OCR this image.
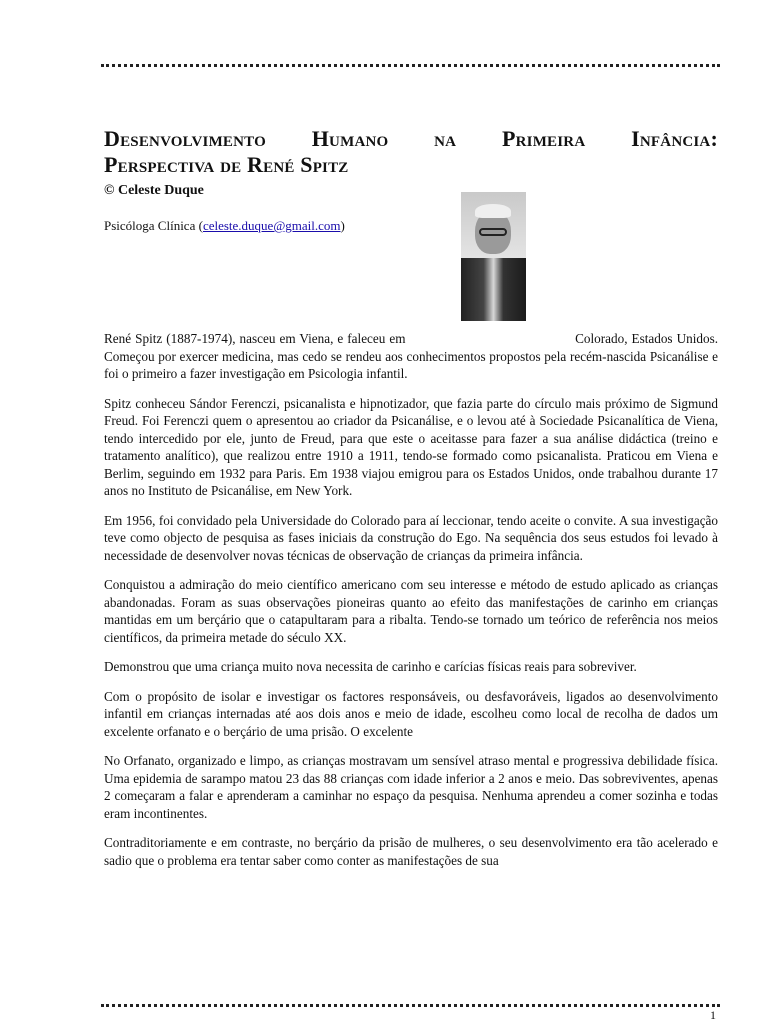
Desenvolvimento Humano na Primeira Infância:
Perspectiva de René Spitz
© Celeste Duque
Psicóloga Clínica (celeste.duque@gmail.com)

René Spitz (1887-1974), nasceu em Viena, e faleceu em                                          Colorado, Estados Unidos. Começou por exercer medicina, mas cedo se rendeu aos conhecimentos propostos pela recém-nascida Psicanálise e foi o primeiro a fazer investigação em Psicologia infantil.

Spitz conheceu Sándor Ferenczi, psicanalista e hipnotizador, que fazia parte do círculo mais próximo de Sigmund Freud. Foi Ferenczi quem o apresentou ao criador da Psicanálise, e o levou até à Sociedade Psicanalítica de Viena, tendo intercedido por ele, junto de Freud, para que este o aceitasse para fazer a sua análise didáctica (treino e tratamento analítico), que realizou entre 1910 a 1911, tendo-se formado como psicanalista. Praticou em Viena e Berlim, seguindo em 1932 para Paris. Em 1938 viajou emigrou para os Estados Unidos, onde trabalhou durante 17 anos no Instituto de Psicanálise, em New York.

Em 1956, foi convidado pela Universidade do Colorado para aí leccionar, tendo aceite o convite. A sua investigação teve como objecto de pesquisa as fases iniciais da construção do Ego. Na sequência dos seus estudos foi levado à necessidade de desenvolver novas técnicas de observação de crianças da primeira infância.

Conquistou a admiração do meio científico americano com seu interesse e método de estudo aplicado as crianças abandonadas. Foram as suas observações pioneiras quanto ao efeito das manifestações de carinho em crianças mantidas em um berçário que o catapultaram para a ribalta. Tendo-se tornado um teórico de referência nos meios científicos, da primeira metade do século XX.

Demonstrou que uma criança muito nova necessita de carinho e carícias físicas reais para sobreviver.

Com o propósito de isolar e investigar os factores responsáveis, ou desfavoráveis, ligados ao desenvolvimento infantil em crianças internadas até aos dois anos e meio de idade, escolheu como local de recolha de dados um excelente orfanato e o berçário de uma prisão. O excelente

No Orfanato, organizado e limpo, as crianças mostravam um sensível atraso mental e progressiva debilidade física. Uma epidemia de sarampo matou 23 das 88 crianças com idade inferior a 2 anos e meio. Das sobreviventes, apenas 2 começaram a falar e aprenderam a caminhar no espaço da pesquisa. Nenhuma aprendeu a comer sozinha e todas eram incontinentes.

Contraditoriamente e em contraste, no berçário da prisão de mulheres, o seu desenvolvimento era tão acelerado e sadio que o problema era tentar saber como conter as manifestações de sua

1
